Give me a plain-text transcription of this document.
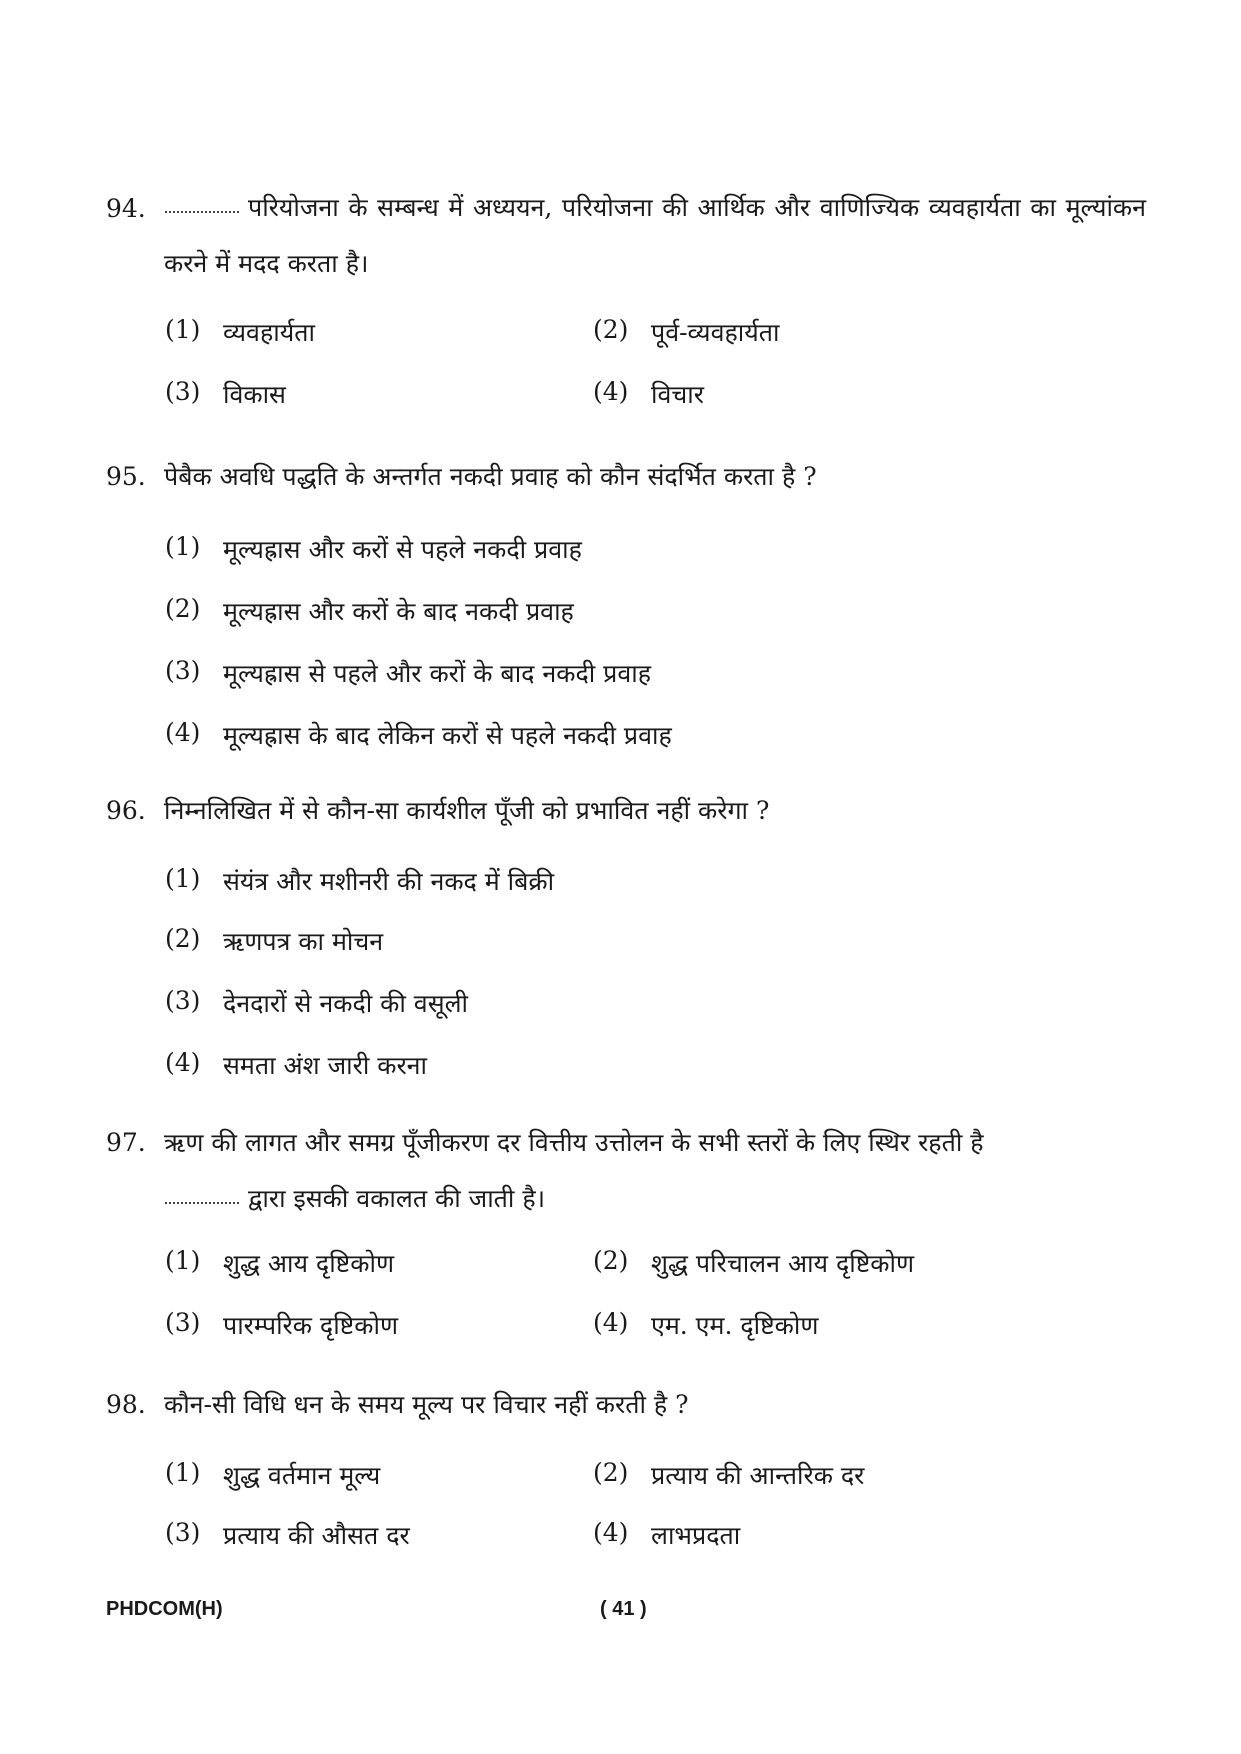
94.	परियोजना के सम्बन्ध में अध्ययन, परियोजना की आर्थिक और वाणिज्यिक व्यवहार्यता का मूल्यांकन करने में मदद करता है।
(1) व्यवहार्यता	(2) पूर्व-व्यवहार्यता
(3) विकास	(4) विचार
95. पेबैक अवधि पद्धति के अन्तर्गत नकदी प्रवाह को कौन संदर्भित करता है ?
(1) मूल्यह्रास और करों से पहले नकदी प्रवाह
(2) मूल्यह्रास और करों के बाद नकदी प्रवाह
(3) मूल्यह्रास से पहले और करों के बाद नकदी प्रवाह
(4) मूल्यह्रास के बाद लेकिन करों से पहले नकदी प्रवाह
96. निम्नलिखित में से कौन-सा कार्यशील पूँजी को प्रभावित नहीं करेगा ?
(1) संयंत्र और मशीनरी की नकद में बिक्री
(2) ऋणपत्र का मोचन
(3) देनदारों से नकदी की वसूली
(4) समता अंश जारी करना
97. ऋण की लागत और समग्र पूँजीकरण दर वित्तीय उत्तोलन के सभी स्तरों के लिए स्थिर रहती है
द्वारा इसकी वकालत की जाती है।
(1) शुद्ध आय दृष्टिकोण	(2) शुद्ध परिचालन आय दृष्टिकोण
(3) पारम्परिक दृष्टिकोण	(4) एम. एम. दृष्टिकोण
98. कौन-सी विधि धन के समय मूल्य पर विचार नहीं करती है ?
(1) शुद्ध वर्तमान मूल्य	(2) प्रत्याय की आन्तरिक दर
(3) प्रत्याय की औसत दर	(4) लाभप्रदता
PHDCOM(H)	( 41 )
